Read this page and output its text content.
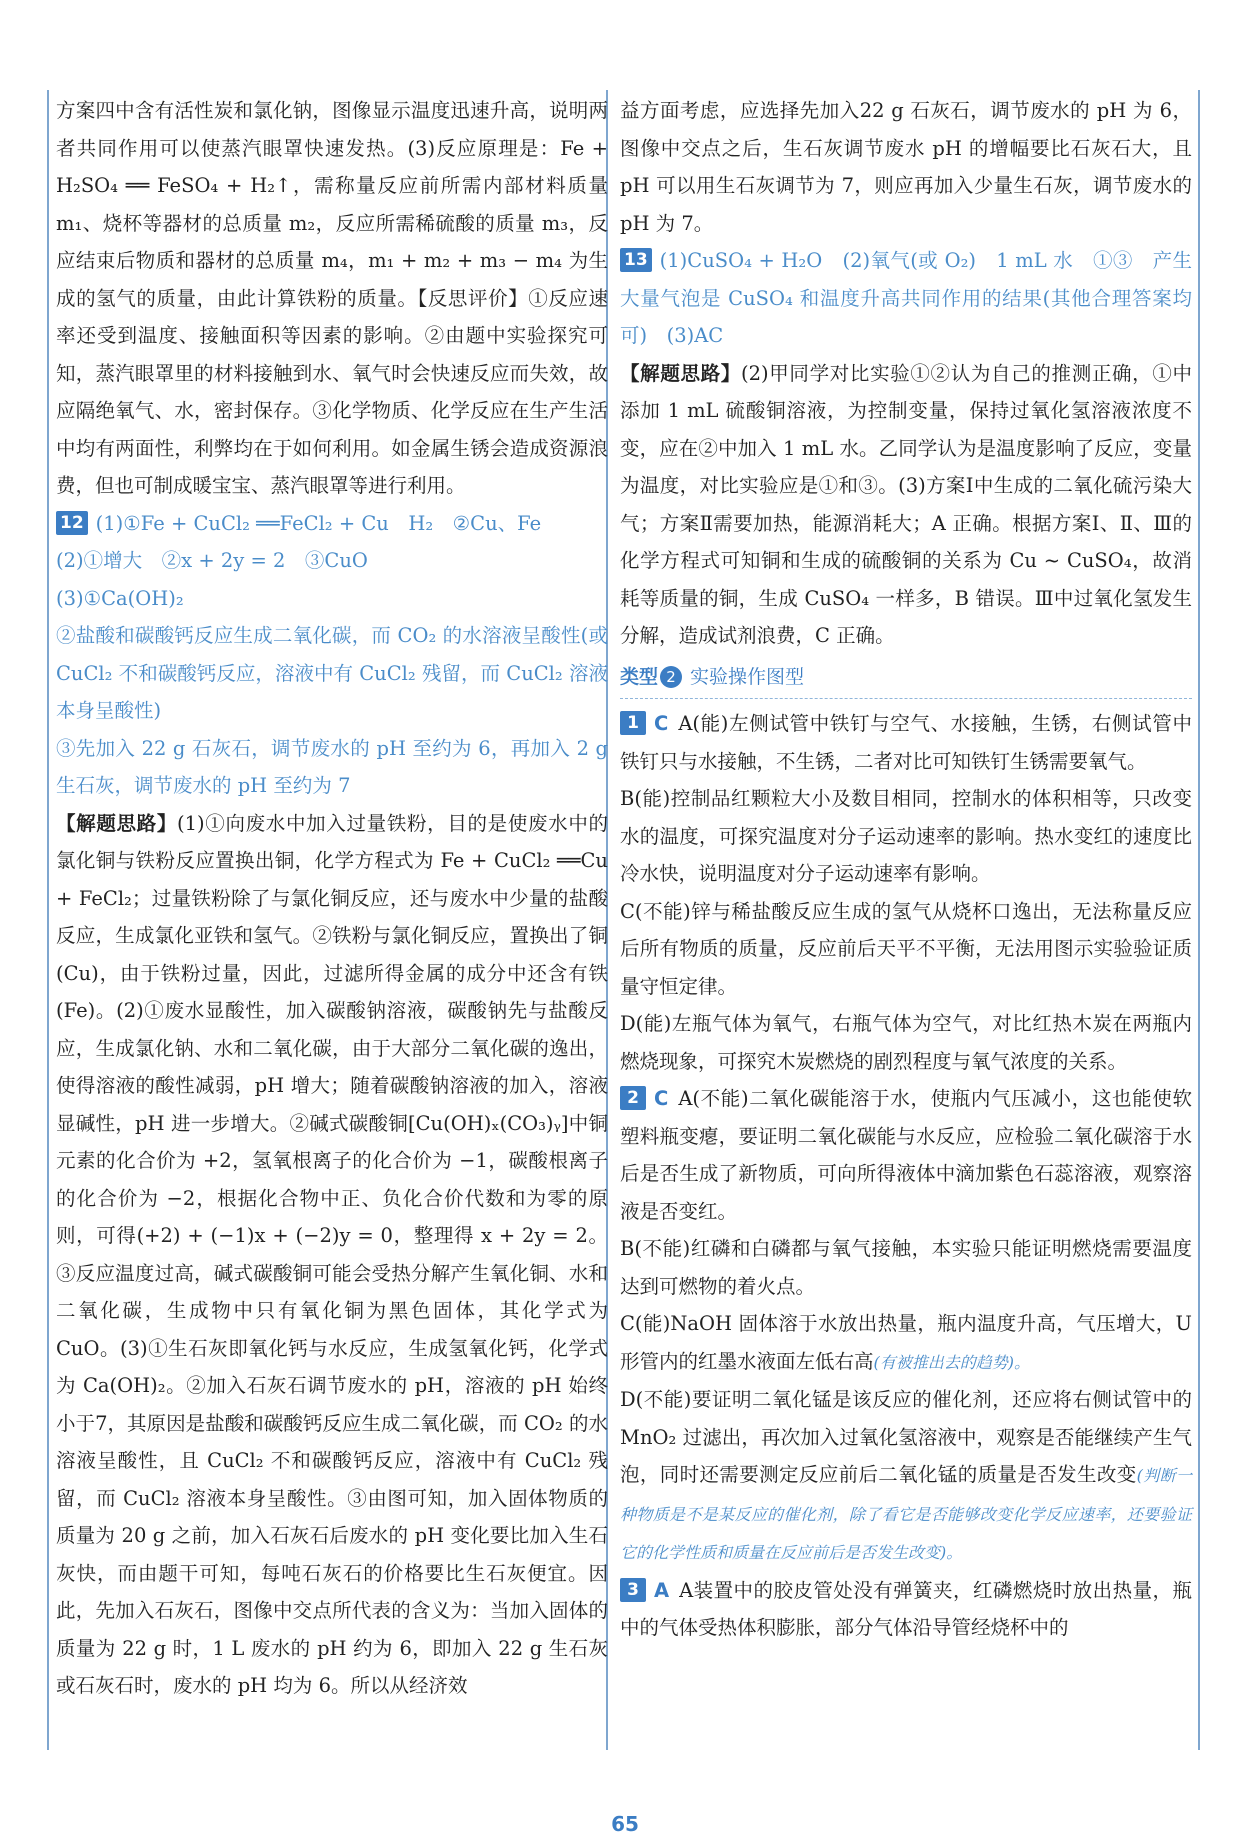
方案四中含有活性炭和氯化钠，图像显示温度迅速升高，说明两者共同作用可以使蒸汽眼罩快速发热。(3)反应原理是：Fe + H₂SO₄ ══ FeSO₄ + H₂↑，需称量反应前所需内部材料质量 m₁、烧杯等器材的总质量 m₂，反应所需稀硫酸的质量 m₃，反应结束后物质和器材的总质量 m₄，m₁ + m₂ + m₃ − m₄ 为生成的氢气的质量，由此计算铁粉的质量。【反思评价】①反应速率还受到温度、接触面积等因素的影响。②由题中实验探究可知，蒸汽眼罩里的材料接触到水、氧气时会快速反应而失效，故应隔绝氧气、水，密封保存。③化学物质、化学反应在生产生活中均有两面性，利弊均在于如何利用。如金属生锈会造成资源浪费，但也可制成暖宝宝、蒸汽眼罩等进行利用。

12 (1)①Fe + CuCl₂ ══FeCl₂ + Cu　H₂　②Cu、Fe

(2)①增大　②x + 2y = 2　③CuO

(3)①Ca(OH)₂

②盐酸和碳酸钙反应生成二氧化碳，而 CO₂ 的水溶液呈酸性(或 CuCl₂ 不和碳酸钙反应，溶液中有 CuCl₂ 残留，而 CuCl₂ 溶液本身呈酸性)

③先加入 22 g 石灰石，调节废水的 pH 至约为 6，再加入 2 g 生石灰，调节废水的 pH 至约为 7

【解题思路】(1)①向废水中加入过量铁粉，目的是使废水中的氯化铜与铁粉反应置换出铜，化学方程式为 Fe + CuCl₂ ══Cu + FeCl₂；过量铁粉除了与氯化铜反应，还与废水中少量的盐酸反应，生成氯化亚铁和氢气。②铁粉与氯化铜反应，置换出了铜(Cu)，由于铁粉过量，因此，过滤所得金属的成分中还含有铁(Fe)。(2)①废水显酸性，加入碳酸钠溶液，碳酸钠先与盐酸反应，生成氯化钠、水和二氧化碳，由于大部分二氧化碳的逸出，使得溶液的酸性减弱，pH 增大；随着碳酸钠溶液的加入，溶液显碱性，pH 进一步增大。②碱式碳酸铜[Cu(OH)ₓ(CO₃)ᵧ]中铜元素的化合价为 +2，氢氧根离子的化合价为 −1，碳酸根离子的化合价为 −2，根据化合物中正、负化合价代数和为零的原则，可得(+2) + (−1)x + (−2)y = 0，整理得 x + 2y = 2。③反应温度过高，碱式碳酸铜可能会受热分解产生氧化铜、水和二氧化碳，生成物中只有氧化铜为黑色固体，其化学式为 CuO。(3)①生石灰即氧化钙与水反应，生成氢氧化钙，化学式为 Ca(OH)₂。②加入石灰石调节废水的 pH，溶液的 pH 始终小于7，其原因是盐酸和碳酸钙反应生成二氧化碳，而 CO₂ 的水溶液呈酸性，且 CuCl₂ 不和碳酸钙反应，溶液中有 CuCl₂ 残留，而 CuCl₂ 溶液本身呈酸性。③由图可知，加入固体物质的质量为 20 g 之前，加入石灰石后废水的 pH 变化要比加入生石灰快，而由题干可知，每吨石灰石的价格要比生石灰便宜。因此，先加入石灰石，图像中交点所代表的含义为：当加入固体的质量为 22 g 时，1 L 废水的 pH 约为 6，即加入 22 g 生石灰或石灰石时，废水的 pH 均为 6。所以从经济效

益方面考虑，应选择先加入22 g 石灰石，调节废水的 pH 为 6，图像中交点之后，生石灰调节废水 pH 的增幅要比石灰石大，且 pH 可以用生石灰调节为 7，则应再加入少量生石灰，调节废水的 pH 为 7。

13 (1)CuSO₄ + H₂O　(2)氧气(或 O₂)　1 mL 水　①③　产生大量气泡是 CuSO₄ 和温度升高共同作用的结果(其他合理答案均可)　(3)AC

【解题思路】(2)甲同学对比实验①②认为自己的推测正确，①中添加 1 mL 硫酸铜溶液，为控制变量，保持过氧化氢溶液浓度不变，应在②中加入 1 mL 水。乙同学认为是温度影响了反应，变量为温度，对比实验应是①和③。(3)方案Ⅰ中生成的二氧化硫污染大气；方案Ⅱ需要加热，能源消耗大；A 正确。根据方案Ⅰ、Ⅱ、Ⅲ的化学方程式可知铜和生成的硫酸铜的关系为 Cu ~ CuSO₄，故消耗等质量的铜，生成 CuSO₄ 一样多，B 错误。Ⅲ中过氧化氢发生分解，造成试剂浪费，C 正确。

类型 2 实验操作图型

1 C A(能)左侧试管中铁钉与空气、水接触，生锈，右侧试管中铁钉只与水接触，不生锈，二者对比可知铁钉生锈需要氧气。

B(能)控制品红颗粒大小及数目相同，控制水的体积相等，只改变水的温度，可探究温度对分子运动速率的影响。热水变红的速度比冷水快，说明温度对分子运动速率有影响。

C(不能)锌与稀盐酸反应生成的氢气从烧杯口逸出，无法称量反应后所有物质的质量，反应前后天平不平衡，无法用图示实验验证质量守恒定律。

D(能)左瓶气体为氧气，右瓶气体为空气，对比红热木炭在两瓶内燃烧现象，可探究木炭燃烧的剧烈程度与氧气浓度的关系。

2 C A(不能)二氧化碳能溶于水，使瓶内气压减小，这也能使软塑料瓶变瘪，要证明二氧化碳能与水反应，应检验二氧化碳溶于水后是否生成了新物质，可向所得液体中滴加紫色石蕊溶液，观察溶液是否变红。

B(不能)红磷和白磷都与氧气接触，本实验只能证明燃烧需要温度达到可燃物的着火点。

C(能)NaOH 固体溶于水放出热量，瓶内温度升高，气压增大，U 形管内的红墨水液面左低右高(有被推出去的趋势)。

D(不能)要证明二氧化锰是该反应的催化剂，还应将右侧试管中的 MnO₂ 过滤出，再次加入过氧化氢溶液中，观察是否能继续产生气泡，同时还需要测定反应前后二氧化锰的质量是否发生改变(判断一种物质是不是某反应的催化剂，除了看它是否能够改变化学反应速率，还要验证它的化学性质和质量在反应前后是否发生改变)。

3 A A装置中的胶皮管处没有弹簧夹，红磷燃烧时放出热量，瓶中的气体受热体积膨胀，部分气体沿导管经烧杯中的

65
